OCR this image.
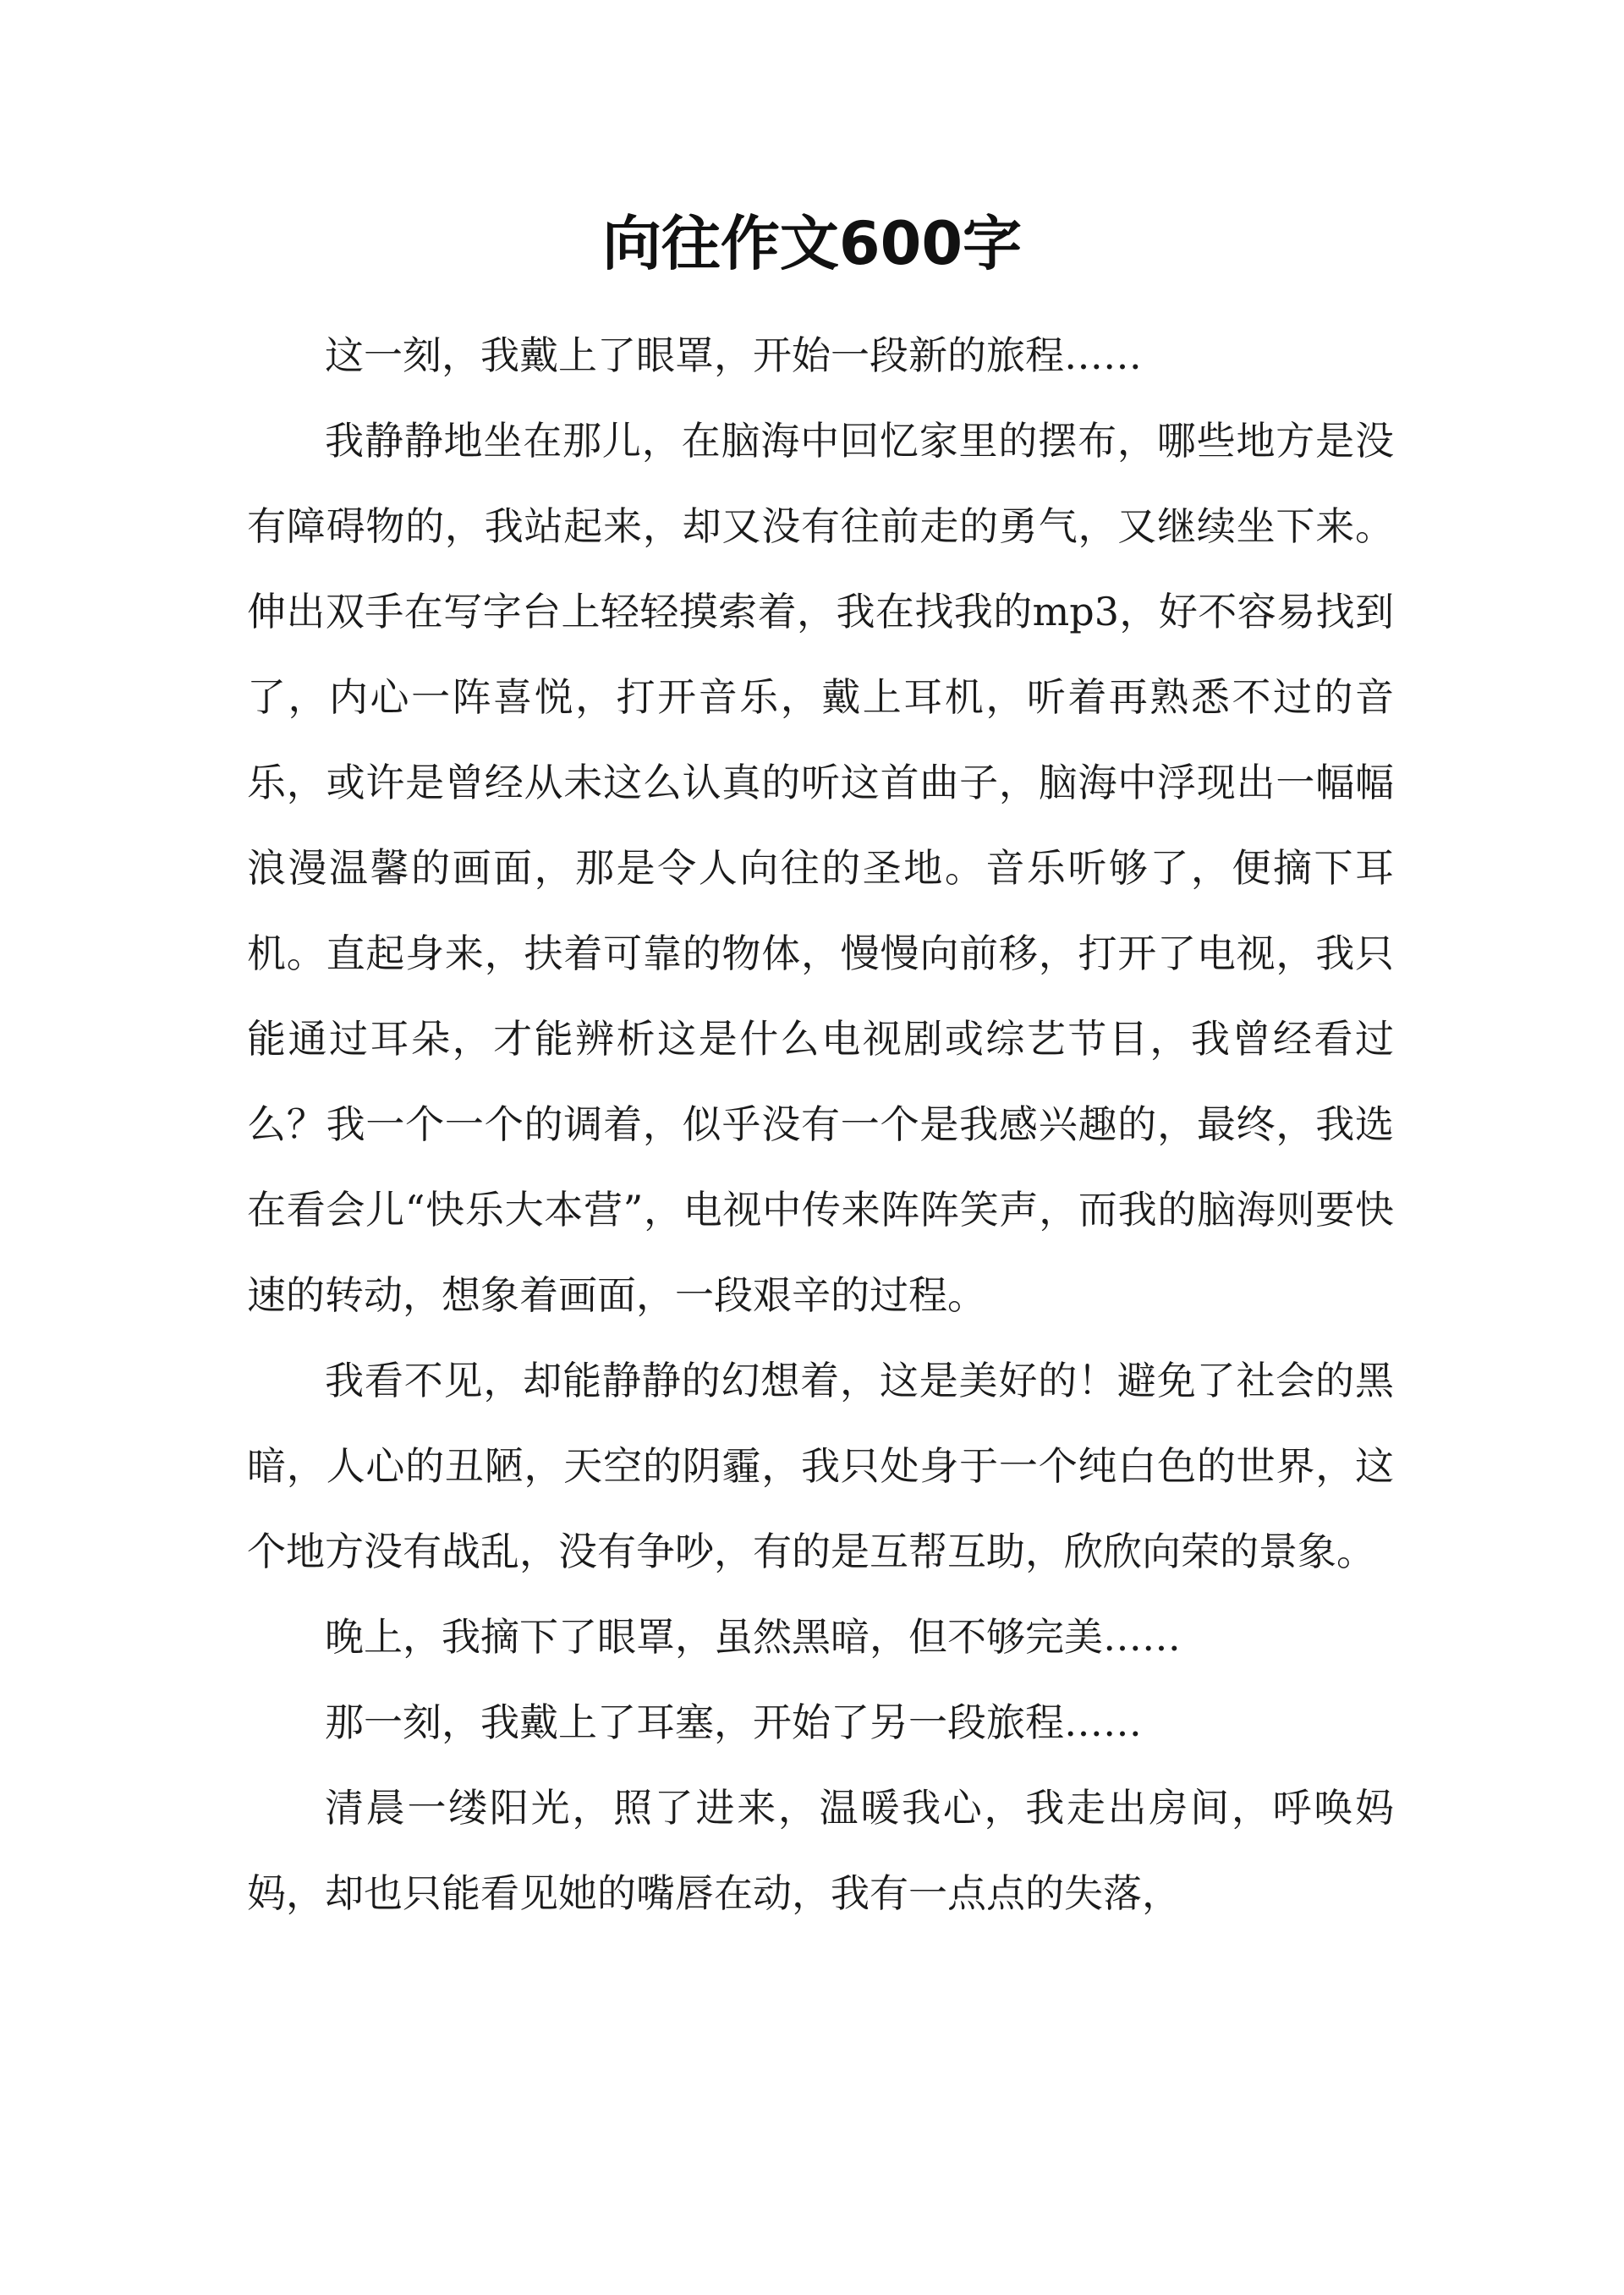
向往作文600字

这一刻，我戴上了眼罩，开始一段新的旅程……

我静静地坐在那儿，在脑海中回忆家里的摆布，哪些地方是没有障碍物的，我站起来，却又没有往前走的勇气，又继续坐下来。伸出双手在写字台上轻轻摸索着，我在找我的mp3，好不容易找到了，内心一阵喜悦，打开音乐，戴上耳机，听着再熟悉不过的音乐，或许是曾经从未这么认真的听这首曲子，脑海中浮现出一幅幅浪漫温馨的画面，那是令人向往的圣地。音乐听够了，便摘下耳机。直起身来，扶着可靠的物体，慢慢向前移，打开了电视，我只能通过耳朵，才能辨析这是什么电视剧或综艺节目，我曾经看过么？我一个一个的调着，似乎没有一个是我感兴趣的，最终，我选在看会儿“快乐大本营”，电视中传来阵阵笑声，而我的脑海则要快速的转动，想象着画面，一段艰辛的过程。

我看不见，却能静静的幻想着，这是美好的！避免了社会的黑暗，人心的丑陋，天空的阴霾，我只处身于一个纯白色的世界，这个地方没有战乱，没有争吵，有的是互帮互助，欣欣向荣的景象。

晚上，我摘下了眼罩，虽然黑暗，但不够完美……

那一刻，我戴上了耳塞，开始了另一段旅程……

清晨一缕阳光，照了进来，温暖我心，我走出房间，呼唤妈妈，却也只能看见她的嘴唇在动，我有一点点的失落，
